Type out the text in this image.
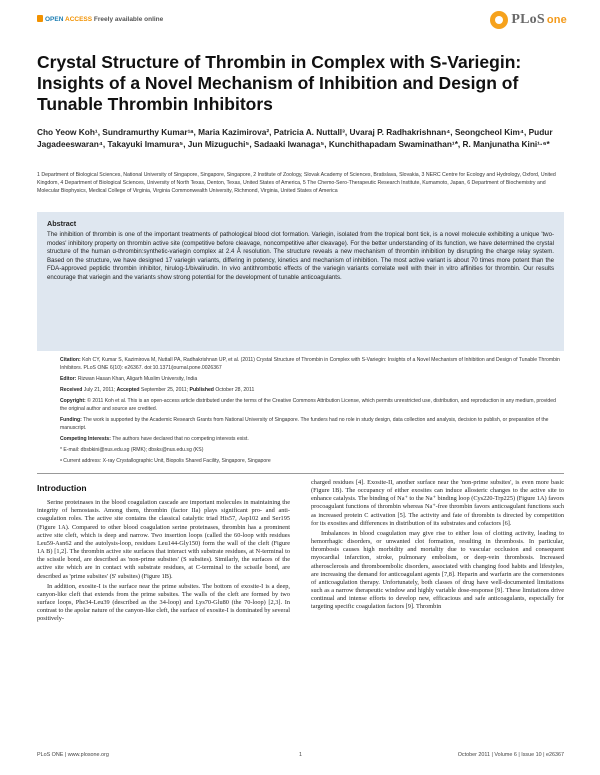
OPEN ACCESS Freely available online	PLoS one
Crystal Structure of Thrombin in Complex with S-Variegin: Insights of a Novel Mechanism of Inhibition and Design of Tunable Thrombin Inhibitors
Cho Yeow Koh¹, Sundramurthy Kumar¹ᵃ, Maria Kazimirova², Patricia A. Nuttall³, Uvaraj P. Radhakrishnan⁴, Seongcheol Kim⁴, Pudur Jagadeeswaran⁴, Takayuki Imamura⁵, Jun Mizuguchi⁵, Sadaaki Iwanaga⁵, Kunchithapadam Swaminathan¹*, R. Manjunatha Kini¹·⁶*
1 Department of Biological Sciences, National University of Singapore, Singapore, Singapore, 2 Institute of Zoology, Slovak Academy of Sciences, Bratislava, Slovakia, 3 NERC Centre for Ecology and Hydrology, Oxford, United Kingdom, 4 Department of Biological Sciences, University of North Texas, Denton, Texas, United States of America, 5 The Chemo-Sero-Therapeutic Research Institute, Kumamoto, Japan, 6 Department of Biochemistry and Molecular Biophysics, Medical College of Virginia, Virginia Commonwealth University, Richmond, Virginia, United States of America
Abstract

The inhibition of thrombin is one of the important treatments of pathological blood clot formation. Variegin, isolated from the tropical bont tick, is a novel molecule exhibiting a unique 'two-modes' inhibitory property on thrombin active site (competitive before cleavage, noncompetitive after cleavage). For the better understanding of its function, we have determined the crystal structure of the human α-thrombin:synthetic-variegin complex at 2.4 Å resolution. The structure reveals a new mechanism of thrombin inhibition by disrupting the charge relay system. Based on the structure, we have designed 17 variegin variants, differing in potency, kinetics and mechanism of inhibition. The most active variant is about 70 times more potent than the FDA-approved peptidic thrombin inhibitor, hirulog-1/bivalirudin. In vivo antithrombotic effects of the variegin variants correlate well with their in vitro affinities for thrombin. Our results encourage that variegin and the variants show strong potential for the development of tunable anticoagulants.

Citation: Koh CY, Kumar S, Kazimirova M, Nuttall PA, Radhakrishnan UP, et al. (2011) Crystal Structure of Thrombin in Complex with S-Variegin: Insights of a Novel Mechanism of Inhibition and Design of Tunable Thrombin Inhibitors. PLoS ONE 6(10): e26367. doi:10.1371/journal.pone.0026367
Editor: Rizwan Hasan Khan, Aligarh Muslim University, India
Received July 21, 2011; Accepted September 25, 2011; Published October 28, 2011
Copyright: © 2011 Koh et al. This is an open-access article distributed under the terms of the Creative Commons Attribution License, which permits unrestricted use, distribution, and reproduction in any medium, provided the original author and source are credited.
Funding: The work is supported by the Academic Research Grants from National University of Singapore. The funders had no role in study design, data collection and analysis, decision to publish, or preparation of the manuscript.
Competing Interests: The authors have declared that no competing interests exist.
* E-mail: dbsbkini@nus.edu.sg (RMK); dbsks@nus.edu.sg (KS)
ᵃ Current address: X-ray Crystallographic Unit, Biopolis Shared Facility, Singapore, Singapore
Introduction

Serine proteinases in the blood coagulation cascade are important molecules in maintaining the integrity of hemostasis. Among them, thrombin (factor IIa) plays significant pro- and anti-coagulation roles. The active site contains the classical catalytic triad His57, Asp102 and Ser195 (Figure 1A). Compared to other blood coagulation serine proteinases, thrombin has a prominent active site cleft, which is deep and narrow. Two insertion loops (called the 60-loop with residues Leu59-Asn62 and the autolysis-loop, residues Leu144-Gly150) form the wall of the cleft (Figure 1A B) [1,2]. The thrombin active site surfaces that interact with substrate residues, at N-terminal to the scissile bond, are described as 'non-prime subsites' (S subsites). Similarly, the surfaces of the active site which are in contact with substrate residues, at C-terminal to the scissile bond, are described as 'prime subsites' (S' subsites) (Figure 1B).

In addition, exosite-I is the surface near the prime subsites. The bottom of exosite-I is a deep, canyon-like cleft that extends from the prime subsites. The walls of the cleft are formed by two surface loops, Phe34-Leu39 (described as the 34-loop) and Lys70-Glu80 (the 70-loop) [2,3]. In contrast to the apolar nature of the canyon-like cleft, the surface of exosite-I is dominated by several positively-

charged residues [4]. Exosite-II, another surface near the 'non-prime subsites', is even more basic (Figure 1B). The occupancy of either exosites can induce allosteric changes to the active site to enhance catalysis. The binding of Na⁺ to the Na⁺ binding loop (Cys220-Trp225) (Figure 1A) favors procoagulant functions of thrombin whereas Na⁺-free thrombin favors anticoagulant functions such as increased protein C activation [5]. The activity and fate of thrombin is directed by competition for its exosites and differences in distribution of its substrates and cofactors [6].

Imbalances in blood coagulation may give rise to either loss of clotting activity, leading to hemorrhagic disorders, or unwanted clot formation, resulting in thrombosis. In particular, thrombosis causes high morbidity and mortality due to vascular occlusion and consequent myocardial infarction, stroke, pulmonary embolism, or deep-vein thrombosis. Increased atherosclerosis and thromboembolic disorders, associated with changing food habits and lifestyles, are increasing the demand for anticoagulant agents [7,8]. Heparin and warfarin are the cornerstones of anticoagulation therapy. Unfortunately, both classes of drug have well-documented limitations such as a narrow therapeutic window and highly variable dose-response [9]. These limitations drive continual and intense efforts to develop new, efficacious and safe anticoagulants, especially for targeting specific coagulation factors [9]. Thrombin

PLoS ONE | www.plosone.org	1	October 2011 | Volume 6 | Issue 10 | e26367
